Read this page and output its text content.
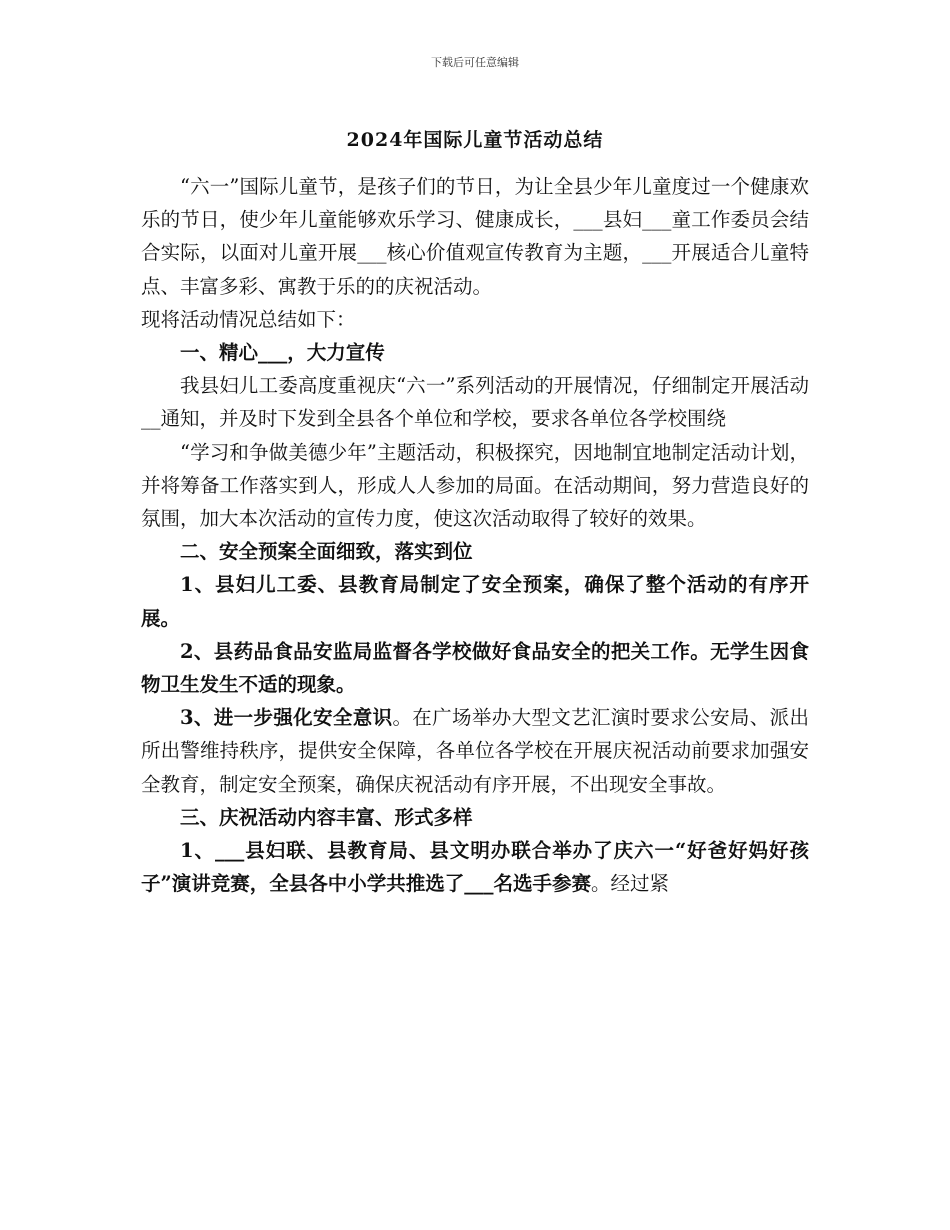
下载后可任意编辑
2024年国际儿童节活动总结

“六一”国际儿童节，是孩子们的节日，为让全县少年儿童度过一个健康欢乐的节日，使少年儿童能够欢乐学习、健康成长，___县妇___童工作委员会结合实际，以面对儿童开展___核心价值观宣传教育为主题，___开展适合儿童特点、丰富多彩、寓教于乐的的庆祝活动。

现将活动情况总结如下：

一、精心___，大力宣传

我县妇儿工委高度重视庆“六一”系列活动的开展情况，仔细制定开展活动__通知，并及时下发到全县各个单位和学校，要求各单位各学校围绕

“学习和争做美德少年”主题活动，积极探究，因地制宜地制定活动计划，并将筹备工作落实到人，形成人人参加的局面。在活动期间，努力营造良好的氛围，加大本次活动的宣传力度，使这次活动取得了较好的效果。

二、安全预案全面细致，落实到位

1、县妇儿工委、县教育局制定了安全预案，确保了整个活动的有序开展。

2、县药品食品安监局监督各学校做好食品安全的把关工作。无学生因食物卫生发生不适的现象。

3、进一步强化安全意识。在广场举办大型文艺汇演时要求公安局、派出所出警维持秩序，提供安全保障，各单位各学校在开展庆祝活动前要求加强安全教育，制定安全预案，确保庆祝活动有序开展，不出现安全事故。

三、庆祝活动内容丰富、形式多样

1、___县妇联、县教育局、县文明办联合举办了庆六一“好爸好妈好孩子”演讲竞赛，全县各中小学共推选了___名选手参赛。经过紧
